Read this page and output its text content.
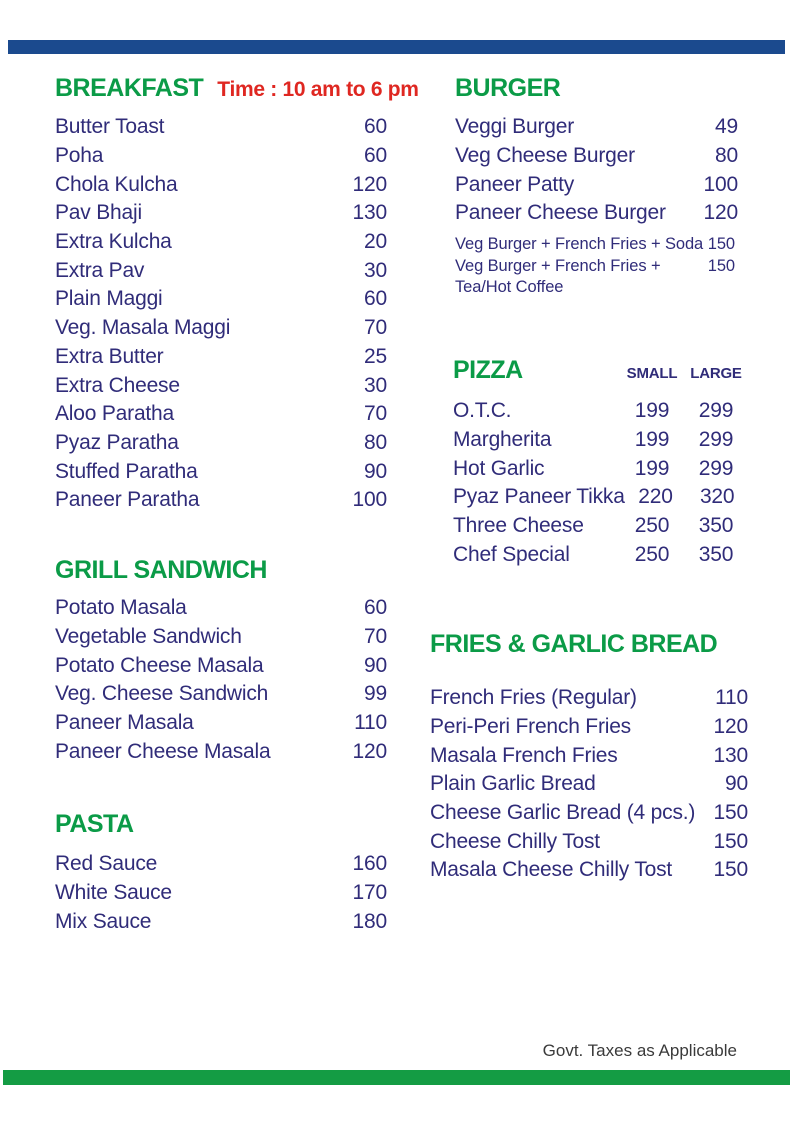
BREAKFAST Time : 10 am to 6 pm
Butter Toast	60
Poha	60
Chola Kulcha	120
Pav Bhaji	130
Extra Kulcha	20
Extra Pav	30
Plain Maggi	60
Veg. Masala Maggi	70
Extra Butter	25
Extra Cheese	30
Aloo Paratha	70
Pyaz Paratha	80
Stuffed Paratha	90
Paneer Paratha	100
GRILL SANDWICH
Potato Masala	60
Vegetable Sandwich	70
Potato Cheese Masala	90
Veg. Cheese Sandwich	99
Paneer Masala	110
Paneer Cheese Masala	120
PASTA
Red Sauce	160
White Sauce	170
Mix Sauce	180
BURGER
Veggi Burger	49
Veg Cheese Burger	80
Paneer Patty	100
Paneer Cheese Burger 120
Veg Burger + French Fries + Soda 150
Veg Burger + French Fries + Tea/Hot Coffee
150
PIZZA	SMALL LARGE
O.T.C.	199	299
Margherita	199	299
Hot Garlic	199	299
Pyaz Paneer Tikka 220	320
Three Cheese	250	350
Chef Special	250	350
FRIES & GARLIC BREAD
French Fries (Regular)	110
Peri-Peri French Fries	120
Masala French Fries	130
Plain Garlic Bread	90
Cheese Garlic Bread (4 pcs.) 150
Cheese Chilly Tost	150
Masala Cheese Chilly Tost 150
Govt. Taxes as Applicable
